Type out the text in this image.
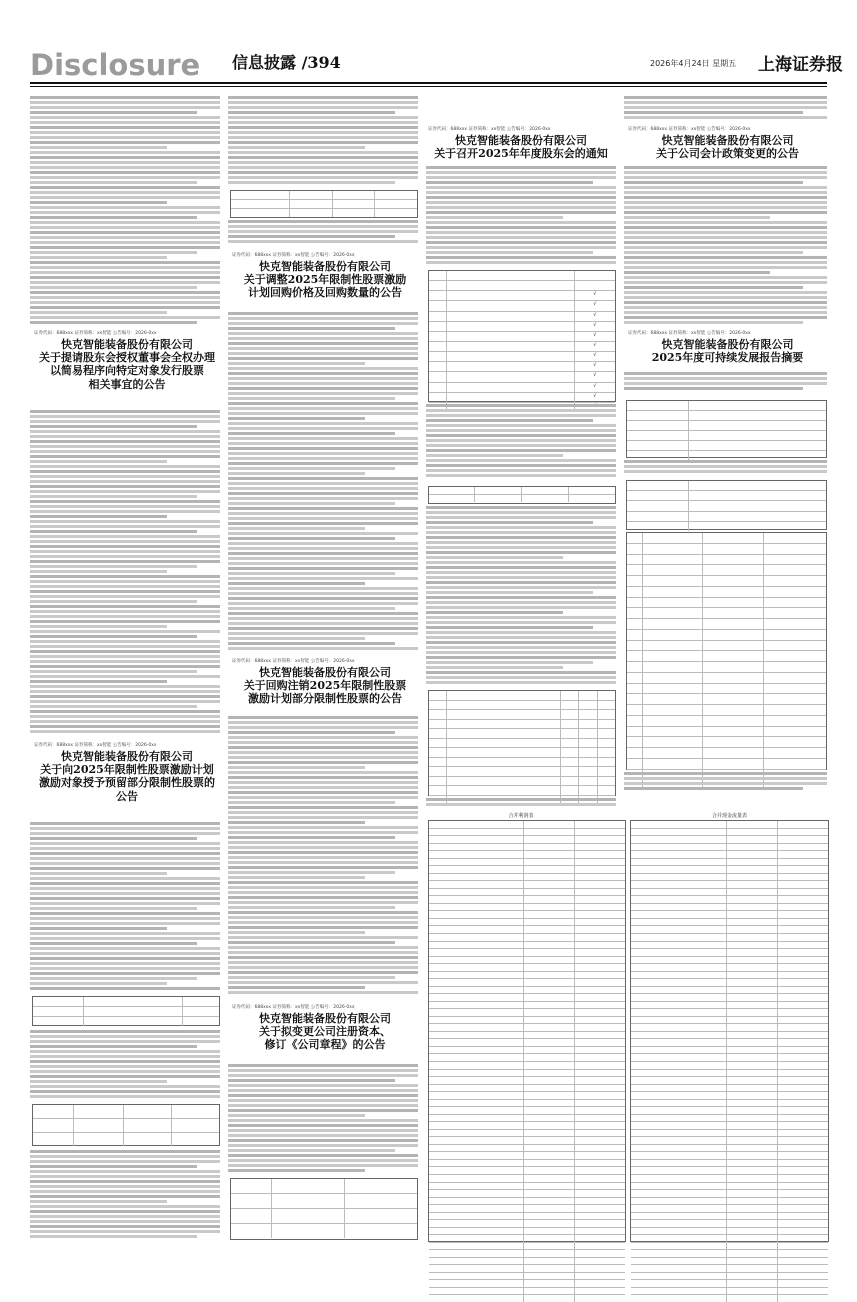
Disclosure 信息披露 /394	2026年4月24日 星期五 上海证券报
证券代码：688xxx 证券简称：xx智能 公告编号：2026-0xx
快克智能装备股份有限公司
关于提请股东会授权董事会全权办理
以简易程序向特定对象发行股票
相关事宜的公告
证券代码：688xxx 证券简称：xx智能 公告编号：2026-0xx
快克智能装备股份有限公司
关于向2025年限制性股票激励计划
激励对象授予预留部分限制性股票的
公告
证券代码：688xxx 证券简称：xx智能 公告编号：2026-0xx
快克智能装备股份有限公司
关于调整2025年限制性股票激励
计划回购价格及回购数量的公告
证券代码：688xxx 证券简称：xx智能 公告编号：2026-0xx
快克智能装备股份有限公司
关于回购注销2025年限制性股票
激励计划部分限制性股票的公告
证券代码：688xxx 证券简称：xx智能 公告编号：2026-0xx
快克智能装备股份有限公司
关于拟变更公司注册资本、
修订《公司章程》的公告
证券代码：688xxx 证券简称：xx智能 公告编号：2026-0xx
快克智能装备股份有限公司
关于召开2025年年度股东会的通知
√
√
√
√
√
√
√
√
√
√
√
证券代码：688xxx 证券简称：xx智能 公告编号：2026-0xx
快克智能装备股份有限公司
关于公司会计政策变更的公告
证券代码：688xxx 证券简称：xx智能 公告编号：2026-0xx
快克智能装备股份有限公司
2025年度可持续发展报告摘要
合并利润表	合并现金流量表
